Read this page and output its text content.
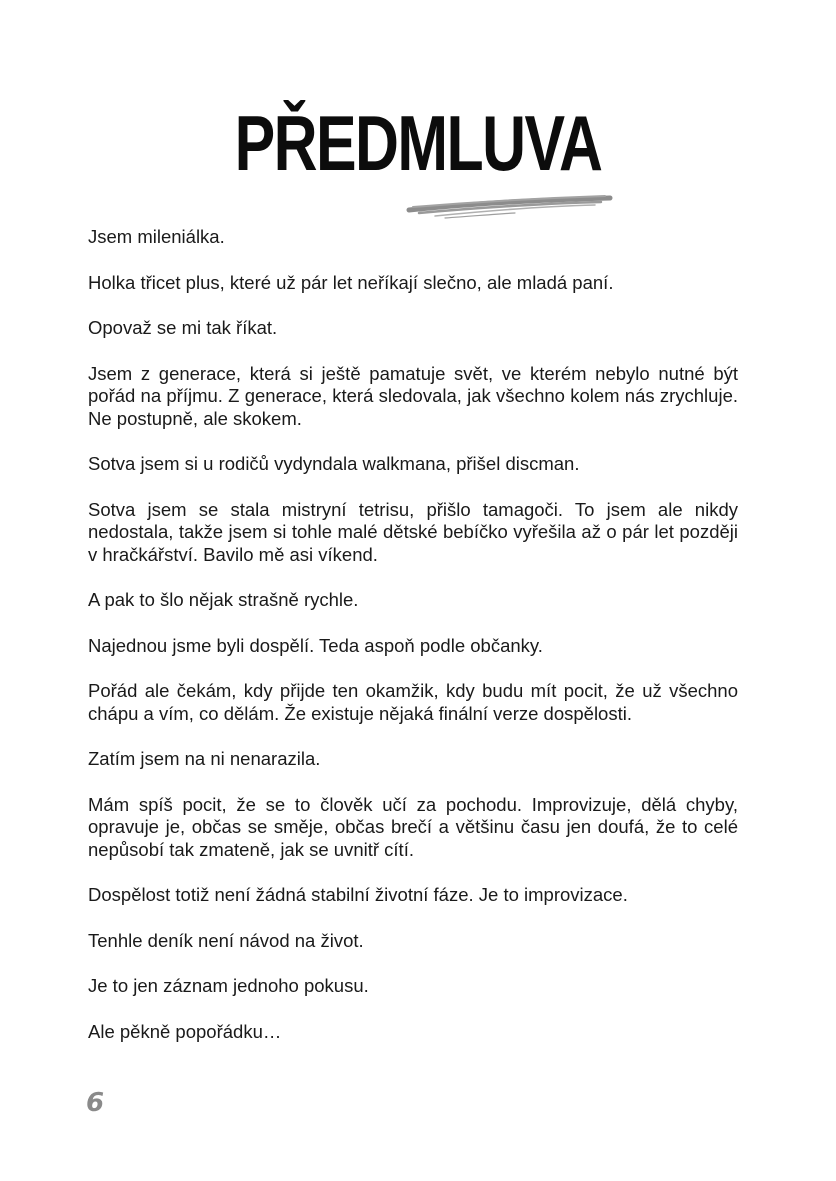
PŘEDMLUVA

Jsem mileniálka.

Holka třicet plus, které už pár let neříkají slečno, ale mladá paní.

Opovaž se mi tak říkat.

Jsem z generace, která si ještě pamatuje svět, ve kterém nebylo nutné být pořád na příjmu. Z generace, která sledovala, jak všechno kolem nás zrychluje. Ne postupně, ale skokem.

Sotva jsem si u rodičů vydyndala walkmana, přišel discman.

Sotva jsem se stala mistryní tetrisu, přišlo tamagoči. To jsem ale nikdy nedostala, takže jsem si tohle malé dětské bebíčko vyřešila až o pár let později v hračkářství. Bavilo mě asi víkend.

A pak to šlo nějak strašně rychle.

Najednou jsme byli dospělí. Teda aspoň podle občanky.

Pořád ale čekám, kdy přijde ten okamžik, kdy budu mít pocit, že už všechno chápu a vím, co dělám. Že existuje nějaká finální verze dospělosti.

Zatím jsem na ni nenarazila.

Mám spíš pocit, že se to člověk učí za pochodu. Improvizuje, dělá chyby, opravuje je, občas se směje, občas brečí a většinu času jen doufá, že to celé nepůsobí tak zmateně, jak se uvnitř cítí.

Dospělost totiž není žádná stabilní životní fáze. Je to improvizace.

Tenhle deník není návod na život.

Je to jen záznam jednoho pokusu.

Ale pěkně popořádku…

6
